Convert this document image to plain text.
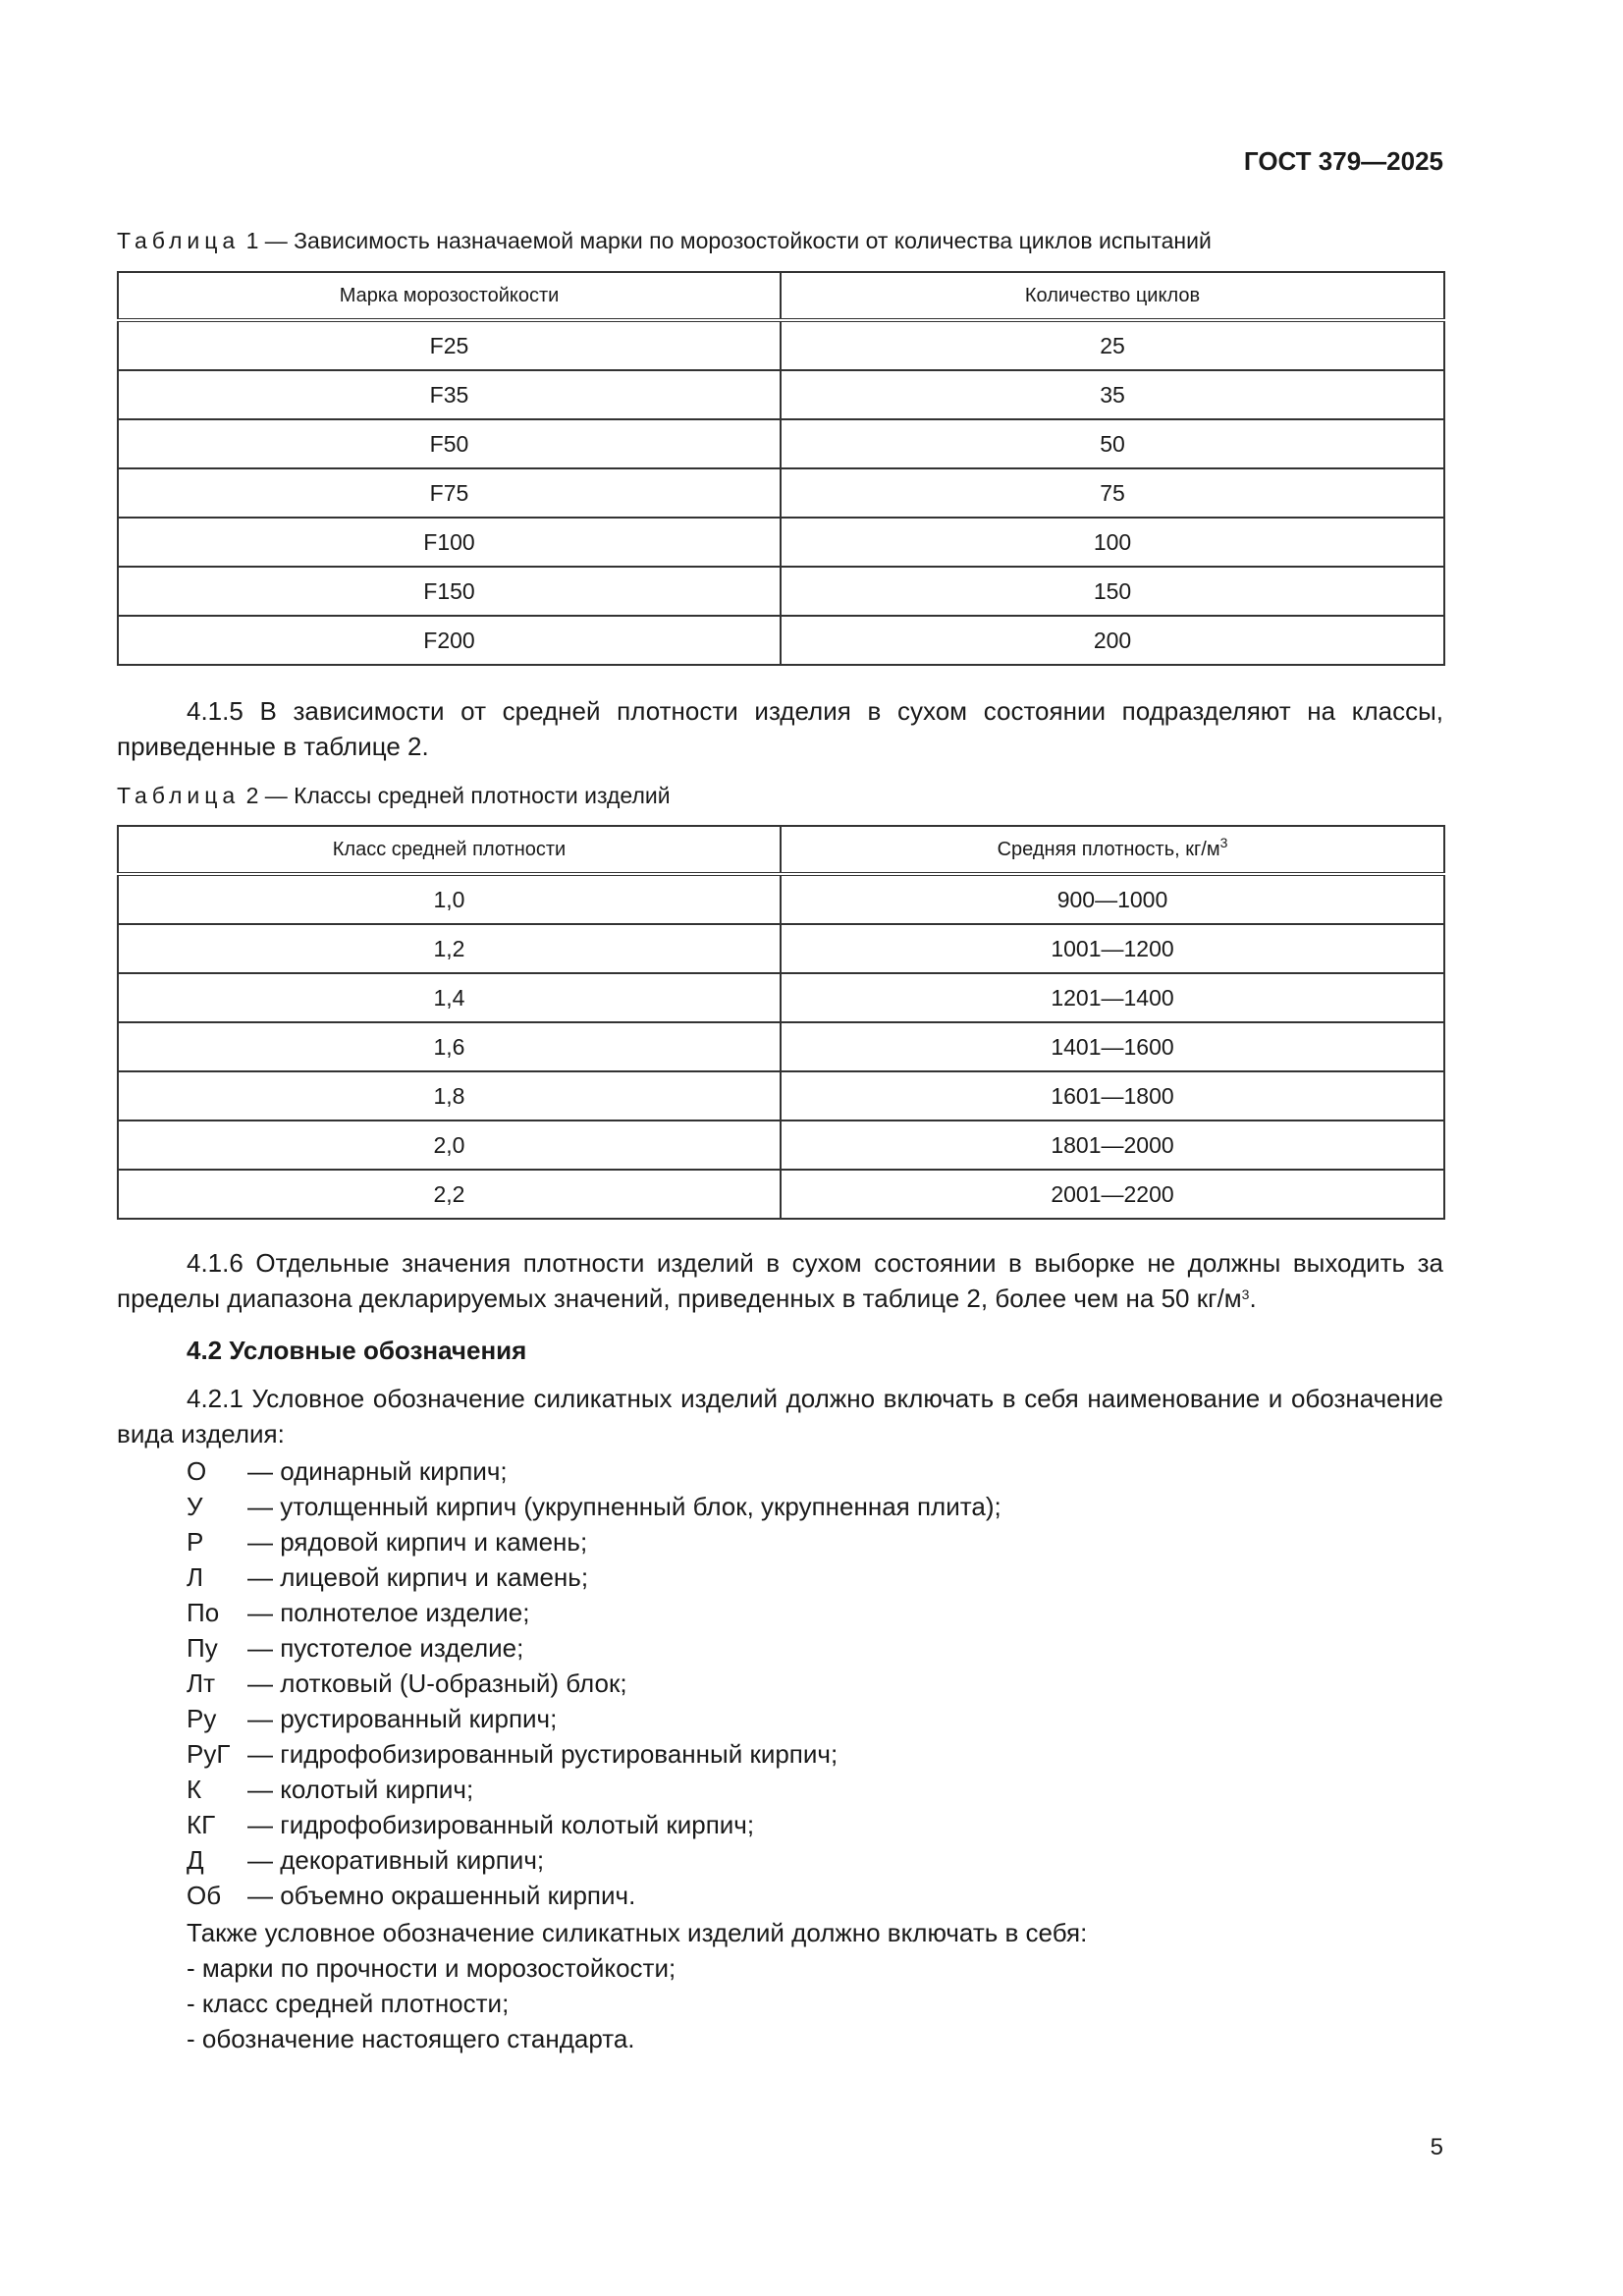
ГОСТ 379—2025
Таблица 1 — Зависимость назначаемой марки по морозостойкости от количества циклов испытаний
Марка морозостойкости	Количество циклов
F25	25
F35	35
F50	50
F75	75
F100	100
F150	150
F200	200
4.1.5 В зависимости от средней плотности изделия в сухом состоянии подразделяют на классы, приведенные в таблице 2.
Таблица 2 — Классы средней плотности изделий
Класс средней плотности	Средняя плотность, $кг/м^3$
1,0	900—1000
1,2	1001—1200
1,4	1201—1400
1,6	1401—1600
1,8	1601—1800
2,0	1801—2000
2,2	2001—2200
4.1.6 Отдельные значения плотности изделий в сухом состоянии в выборке не должны выходить за пределы диапазона декларируемых значений, приведенных в таблице 2, более чем на 50 $кг/м^3$.
4.2 Условные обозначения
4.2.1 Условное обозначение силикатных изделий должно включать в себя наименование и обозначение вида изделия:
О	— одинарный кирпич;
У	— утолщенный кирпич (укрупненный блок, укрупненная плита);
Р	— рядовой кирпич и камень;
Л	— лицевой кирпич и камень;
По	— полнотелое изделие;
Пу	— пустотелое изделие;
Лт	— лотковый (U-образный) блок;
Ру	— рустированный кирпич;
РуГ — гидрофобизированный рустированный кирпич;
К	— колотый кирпич;
КГ	— гидрофобизированный колотый кирпич;
Д	— декоративный кирпич;
Об	— объемно окрашенный кирпич.
Также условное обозначение силикатных изделий должно включать в себя:
- марки по прочности и морозостойкости;
- класс средней плотности;
- обозначение настоящего стандарта.
5
